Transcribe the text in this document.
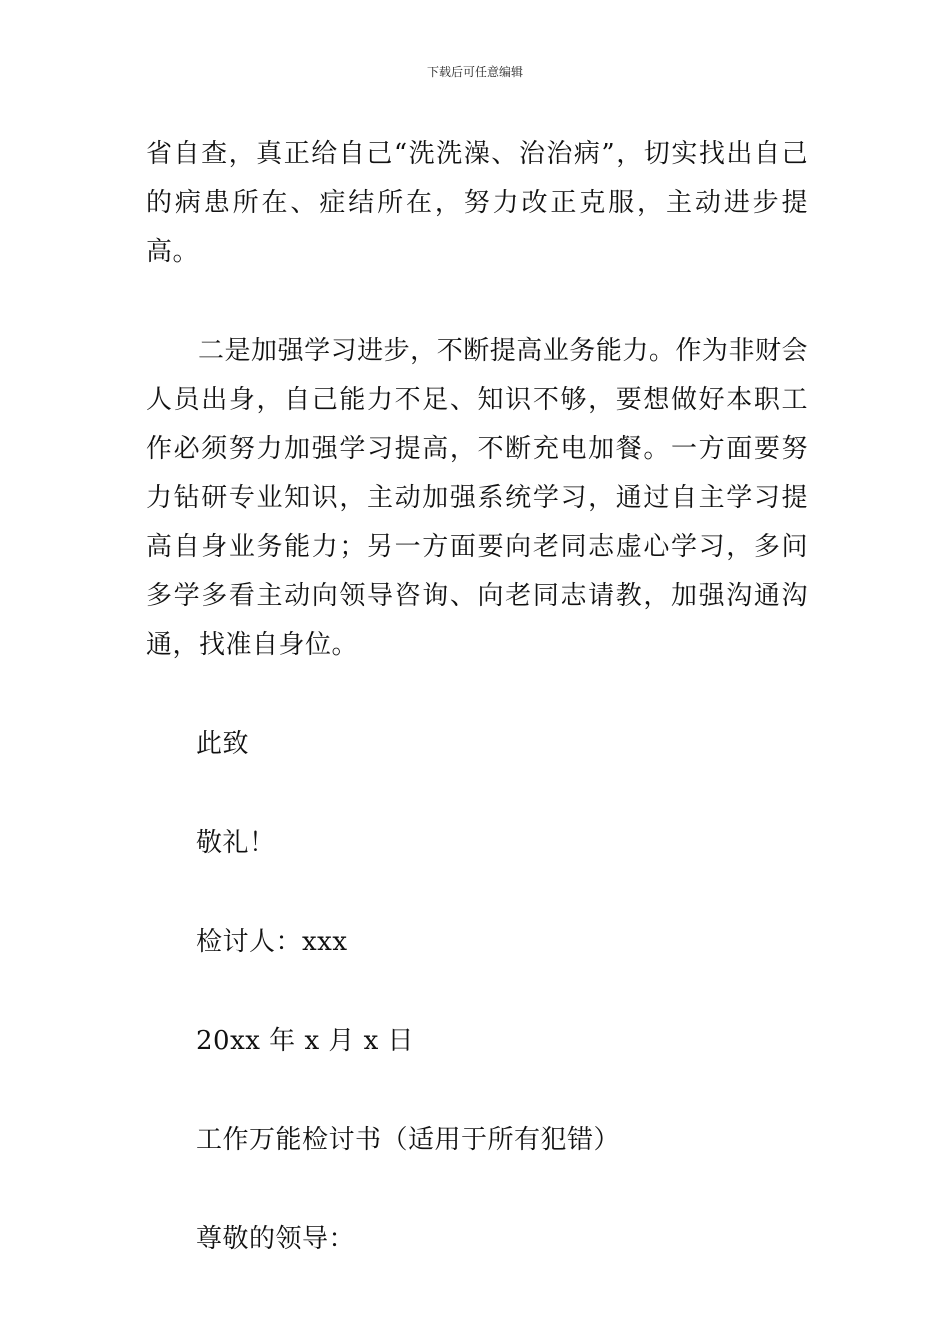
下载后可任意编辑

省自查，真正给自己“洗洗澡、治治病”，切实找出自己的病患所在、症结所在，努力改正克服，主动进步提高。

二是加强学习进步，不断提高业务能力。作为非财会人员出身，自己能力不足、知识不够，要想做好本职工作必须努力加强学习提高，不断充电加餐。一方面要努力钻研专业知识，主动加强系统学习，通过自主学习提高自身业务能力；另一方面要向老同志虚心学习，多问多学多看主动向领导咨询、向老同志请教，加强沟通沟通，找准自身位。

此致

敬礼！

检讨人：xxx

20xx 年 x 月 x 日

工作万能检讨书（适用于所有犯错）

尊敬的领导：
